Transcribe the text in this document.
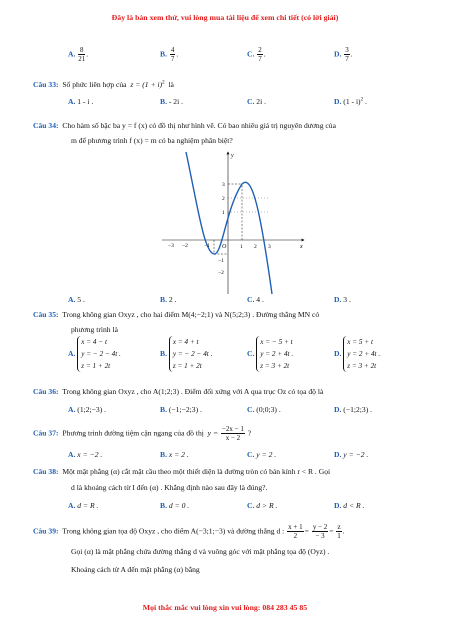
Đây là bản xem thử, vui lòng mua tài liệu để xem chi tiết (có lời giải)
A. $\frac{8}{21}$ .	B. $\frac{4}{7}$ .	C. $\frac{2}{7}$ .	D. $\frac{3}{7}$ .
Câu 33: Số phức liên hợp của $z = (1 + i)^2$ là
A. 1 - i .	B. - 2i .	C. 2i .	D. (1 - i)$^2$ .
Câu 34: Cho hàm số bậc ba y = f (x) có đồ thị như hình vẽ. Có bao nhiêu giá trị nguyên dương của
m để phương trình f (x) = m có ba nghiệm phân biệt?
x
y
O
−3 −2	−1	1 2 3
3
2
1
−1
−2
A. 5 .	B. 2 .	C. 4 .	D. 3 .
Câu 35: Trong không gian Oxyz , cho hai điểm M(4;−2;1) và N(5;2;3) . Đường thẳng MN có
phương trình là
A. x = 4 − t
y = − 2 − 4t .
z = 1 + 2t
B. x = 4 + t
y = − 2 − 4t .
z = 1 + 2t
C. x = − 5 + t
y = 2 + 4t .
z = 3 + 2t
D. x = 5 + t
y = 2 + 4t .
z = 3 + 2t
Câu 36: Trong không gian Oxyz , cho A(1;2;3) . Điểm đối xứng với A qua trục Oz có tọa độ là
A. (1;2;−3) .	B. (−1;−2;3) .	C. (0;0;3) .	D. (−1;2;3) .
Câu 37: Phương trình đường tiệm cận ngang của đồ thị $y = \frac{-2x - 1}{x - 2}$ ?
A. x = −2 .	B. x = 2 .	C. y = 2 .	D. y = −2 .
Câu 38: Một mặt phẳng (α) cắt mặt cầu theo một thiết diện là đường tròn có bán kính r < R . Gọi
d là khoảng cách từ I đến (α) . Khẳng định nào sau đây là đúng?.
A. d = R .	B. d = 0 .	C. d > R .	D. d < R .
Câu 39: Trong không gian tọa độ Oxyz , cho điểm A(−3;1;−3) và đường thẳng d : $\frac{x + 1}{2} = \frac{y - 2}{- 3} = \frac{z}{1}$ .
Gọi (α) là mặt phẳng chứa đường thẳng d và vuông góc với mặt phẳng tọa độ (Oyz) .
Khoảng cách từ A đến mặt phẳng (α) bằng
Mọi thắc mắc vui lòng xin vui lòng: 084 283 45 85
